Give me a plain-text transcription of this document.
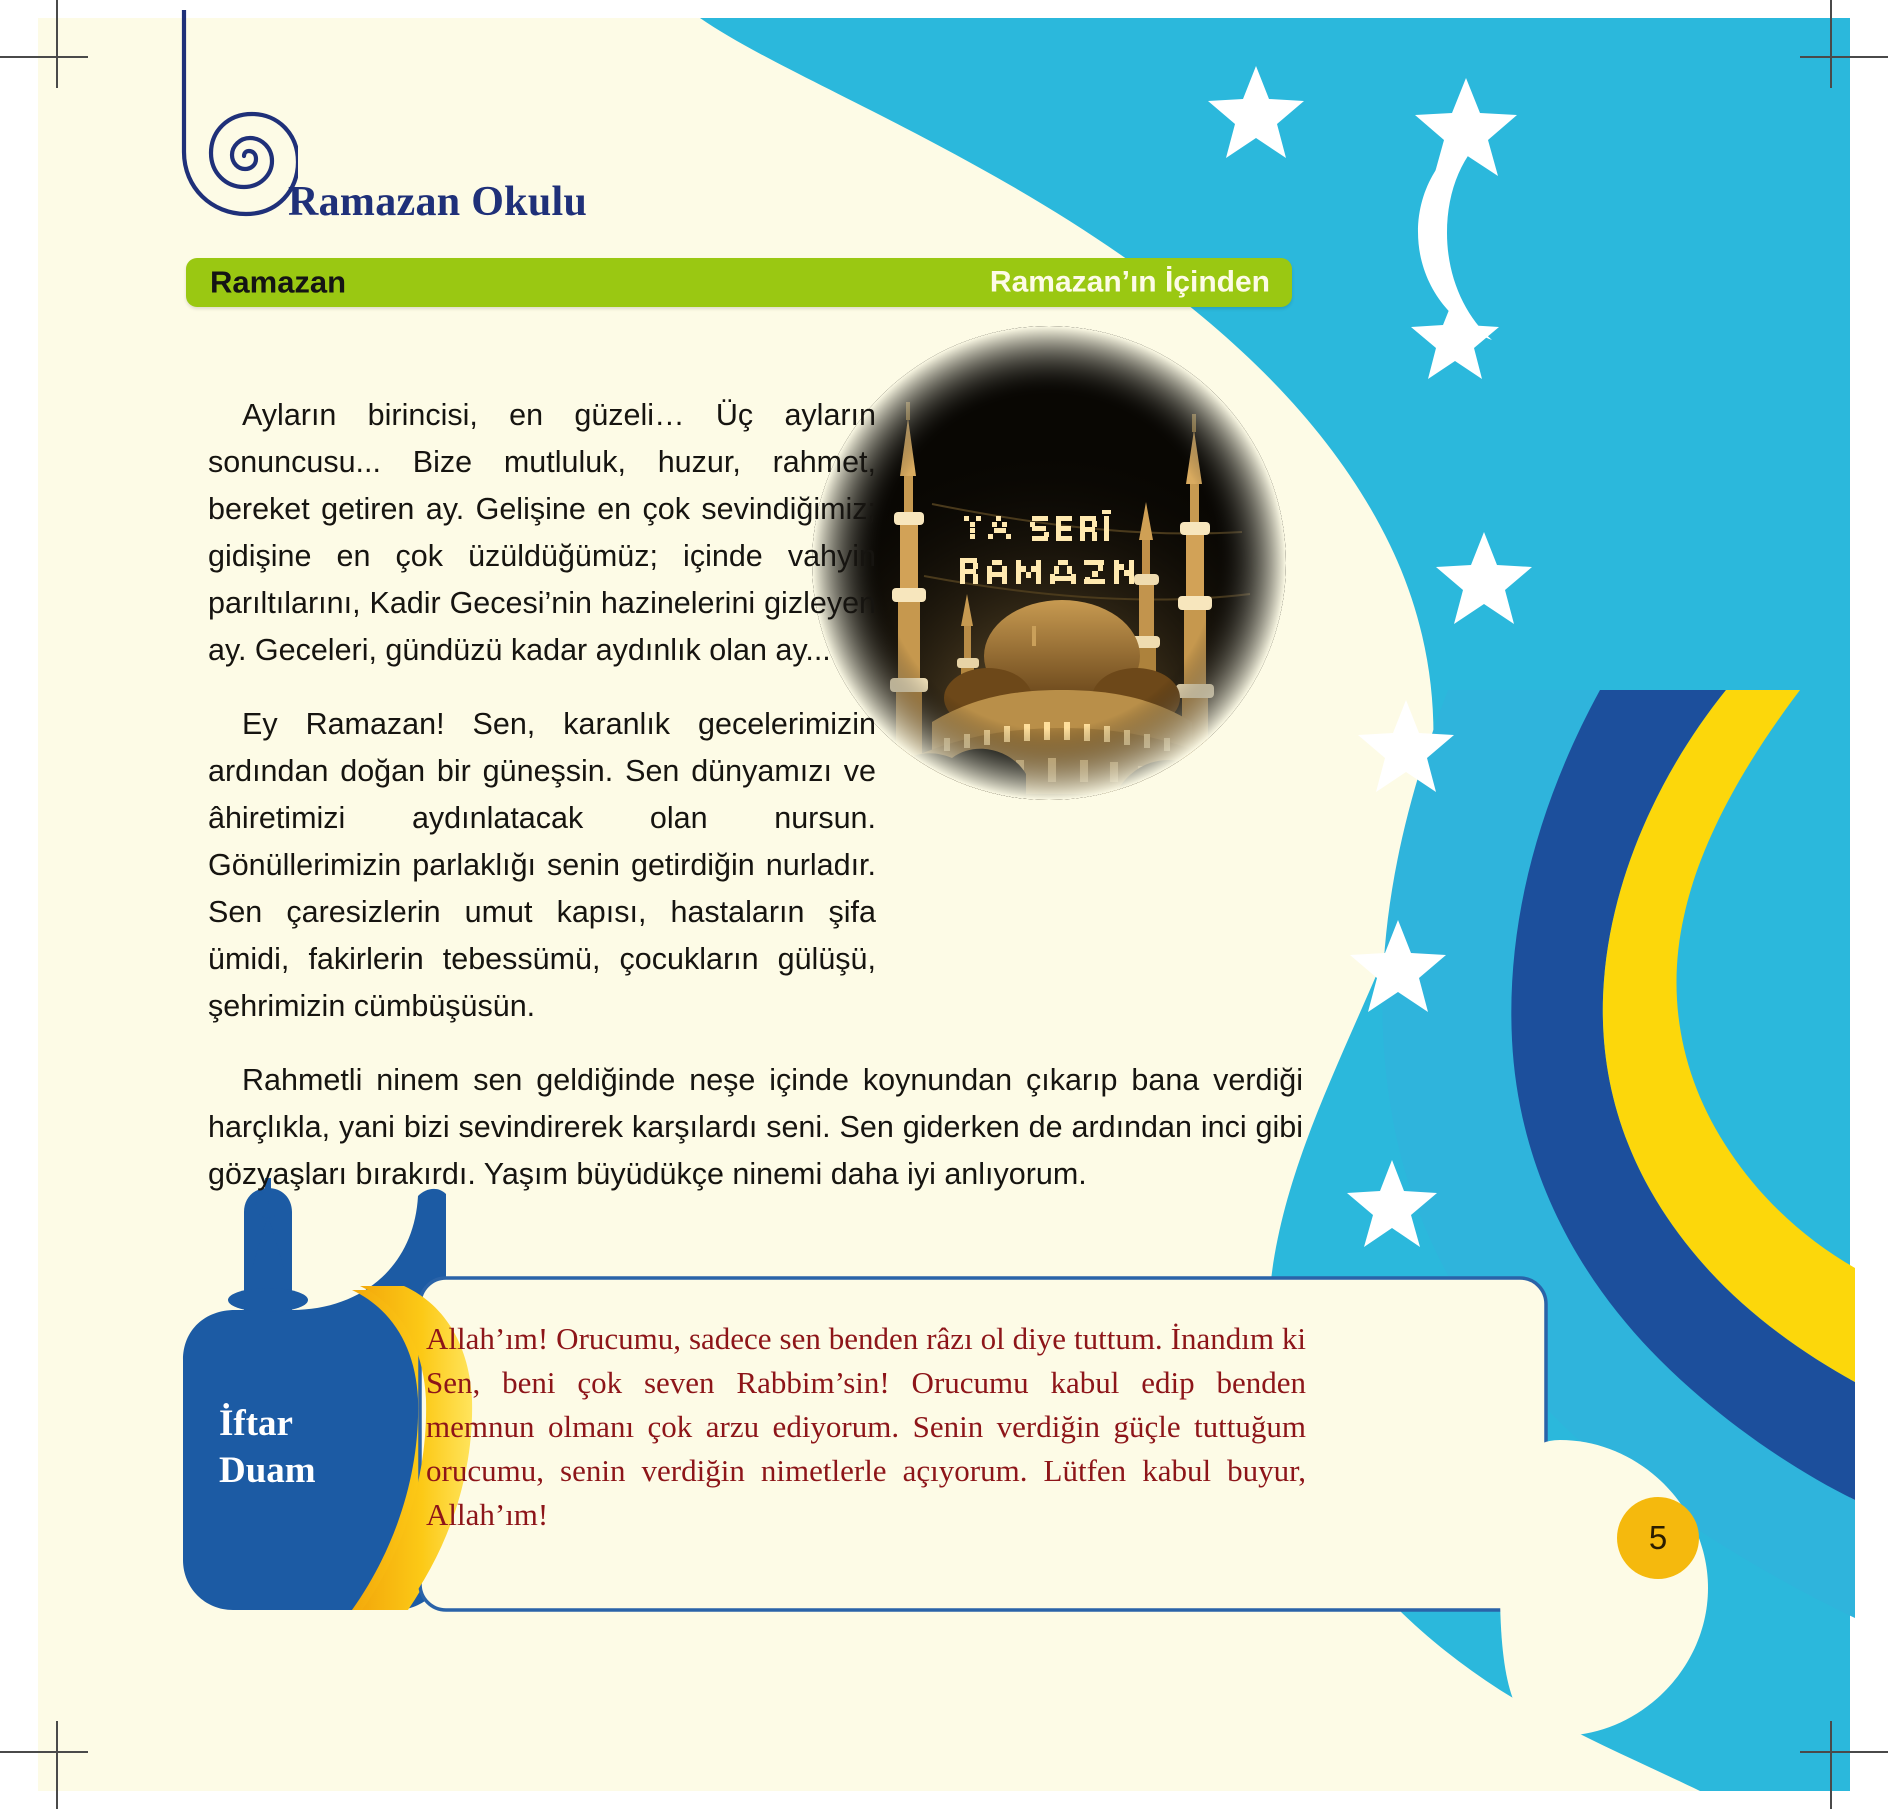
Ramazan Okulu
Ramazan	Ramazan’ın İçinden

Ayların birincisi, en güzeli… Üç ayların sonuncusu... Bize mutluluk, huzur, rahmet, bereket getiren ay. Gelişine en çok sevindiğimiz; gidişine en çok üzüldüğümüz; içinde vahyin parıltılarını, Kadir Gecesi’nin hazinelerini gizleyen ay. Geceleri, gündüzü kadar aydınlık olan ay...

Ey Ramazan! Sen, karanlık gecelerimizin ardından doğan bir güneşsin. Sen dünyamızı ve âhiretimizi aydınlatacak olan nursun. Gönüllerimizin parlaklığı senin getirdiğin nurladır. Sen çaresizlerin umut kapısı, hastaların şifa ümidi, fakirlerin tebessümü, çocukların gülüşü, şehrimizin cümbüşüsün.

Rahmetli ninem sen geldiğinde neşe içinde koynundan çıkarıp bana verdiği harçlıkla, yani bizi sevindirerek karşılardı seni. Sen giderken de ardından inci gibi gözyaşları bırakırdı. Yaşım büyüdükçe ninemi daha iyi anlıyorum.

İftar
Duam
Allah’ım! Orucumu, sadece sen benden râzı ol diye tuttum. İnandım ki Sen, beni çok seven Rabbim’sin! Orucumu kabul edip benden memnun olmanı çok arzu ediyorum. Senin verdiğin güçle tuttuğum orucumu, senin verdiğin nimetlerle açıyorum. Lütfen kabul buyur, Allah’ım!
5
